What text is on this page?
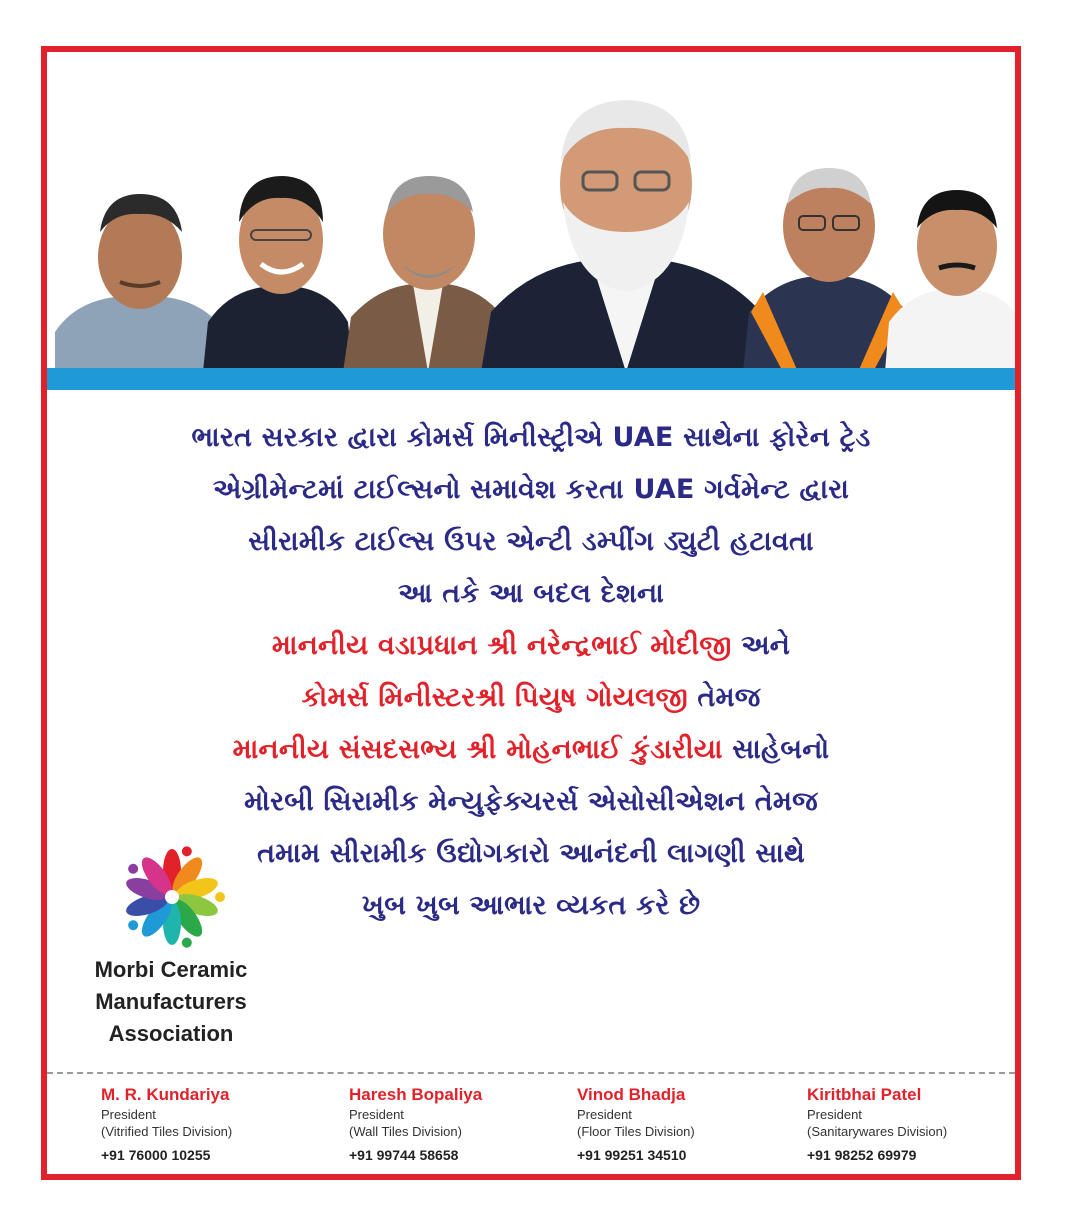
ભારત સરકાર દ્વારા કોમર્સ મિનીસ્ટ્રીએ UAE સાથેના ફોરેન ટ્રેડ
એગ્રીમેન્ટમાં ટાઈલ્સનો સમાવેશ કરતા UAE ગર્વમેન્ટ દ્વારા
સીરામીક ટાઈલ્સ ઉપર એન્ટી ડમ્પીંગ ડ્યુટી હટાવતા
આ તકે આ બદલ દેશના
માનનીય વડાપ્રધાન શ્રી નરેન્દ્રભાઈ મોદીજી અને
કોમર્સ મિનીસ્ટરશ્રી પિયુષ ગોયલજી તેમજ
માનનીય સંસદસભ્ય શ્રી મોહનભાઈ કુંડારીયા સાહેબનો
મોરબી સિરામીક મેન્યુફેક્ચરર્સ એસોસીએશન તેમજ
તમામ સીરામીક ઉદ્યોગકારો આનંદની લાગણી સાથે
ખુબ ખુબ આભાર વ્યકત કરે છે
Morbi Ceramic
Manufacturers
Association
M. R. Kundariya
President
(Vitrified Tiles Division)
+91 76000 10255
Haresh Bopaliya
President
(Wall Tiles Division)
+91 99744 58658
Vinod Bhadja
President
(Floor Tiles Division)
+91 99251 34510
Kiritbhai Patel
President
(Sanitarywares Division)
+91 98252 69979
